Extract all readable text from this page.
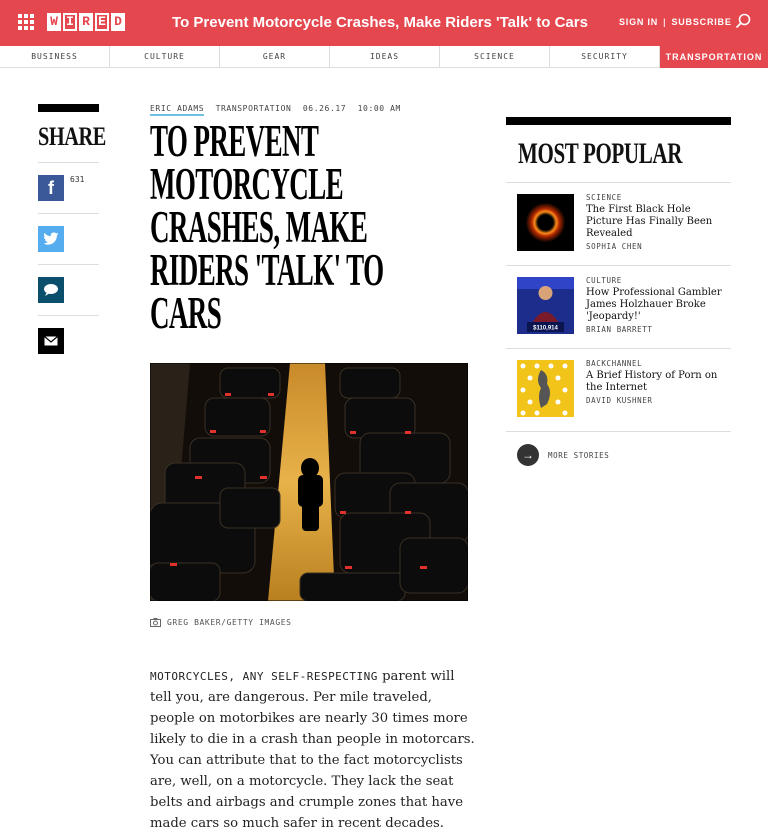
W I R E D	To Prevent Motorcycle Crashes, Make Riders 'Talk' to Cars	SIGN IN | SUBSCRIBE
BUSINESS	CULTURE	GEAR	IDEAS	SCIENCE	SECURITY	TRANSPORTATION
SHARE
f	631
ERIC ADAMS TRANSPORTATION 06.26.17 10:00 AM
TO PREVENT MOTORCYCLE CRASHES, MAKE RIDERS 'TALK' TO CARS
GREG BAKER/GETTY IMAGES

MOTORCYCLES, ANY SELF-RESPECTING parent will tell you, are dangerous. Per mile traveled, people on motorbikes are nearly 30 times more likely to die in a crash than people in motorcars. You can attribute that to the fact motorcyclists are, well, on a motorcycle. They lack the seat belts and airbags and crumple zones that have made cars so much safer in recent decades.

MOST POPULAR
SCIENCE
The First Black Hole Picture Has Finally Been Revealed
SOPHIA CHEN
$110,914
CULTURE
How Professional Gambler James Holzhauer Broke 'Jeopardy!'
BRIAN BARRETT
BACKCHANNEL
A Brief History of Porn on the Internet
DAVID KUSHNER
→	MORE STORIES
